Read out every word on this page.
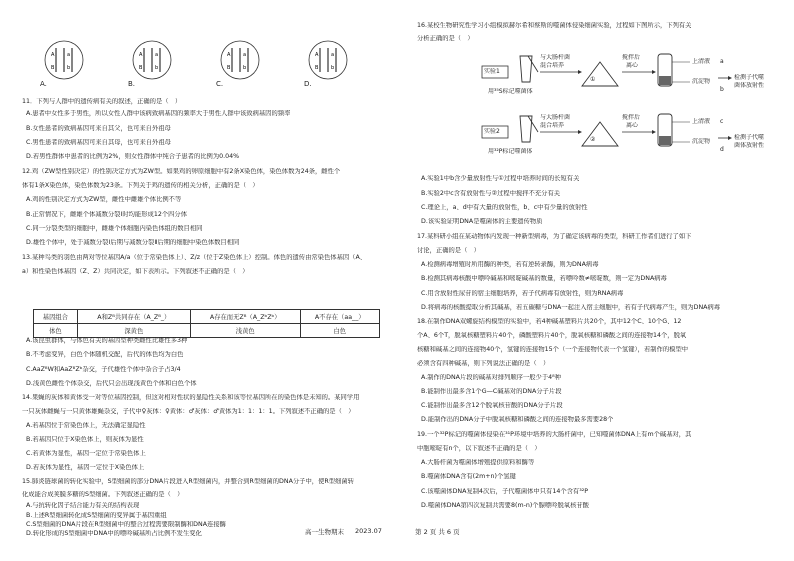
A	a
B	b
A	a
B	b
A	a
B	b
A	a
B	b
A.	B.	C.	D.
11．下列与人群中的遗传病有关的叙述，正确的是（　）
A.患者中女性多于男性，所以女性人群中该病致病基因的频率大于男性人群中该致病基因的频率
B.女性患者的致病基因可来自其父，也可来自外祖母
C.男性患者的致病基因可来自其母，也可来自外祖母
D.若男性群体中患者的比例为2%，则女性群体中纯合子患者的比例为0.04%
12.鸡（ZW型性别决定）的性别决定方式为ZW型。如果鸡的卵原细胞中有2条X染色体，染色体数为24条，雌性个
体有1条X染色体，染色体数为23条。下列关于鸡的遗传的相关分析，正确的是（　）
A.鸡的性别决定方式为ZW型，雌性中雌雄个体比例不等
B.正常情况下，雌雄个体减数分裂Ⅰ时均能形成12个四分体
C.同一分裂类型的细胞中，雌雄个体细胞内染色体组的数目相同
D.雄性个体中，处于减数分裂Ⅰ后期与减数分裂Ⅱ后期的细胞中染色体数目相同
13.某种鸟类的羽色由两对等位基因A/a（位于常染色体上）、Z/z（位于Z染色体上）控制。体色的遗传由常染色体基因（A、
a）和性染色体基因（Z、Z）共同决定，如下表所示。下列叙述不正确的是（　）
基因组合	A和Zᴮ共同存在（A_Zᴮ_）	A存在而无Zᴮ（A_ZᵇZᵇ）	A不存在（aa__）
体色	深黄色	浅黄色	白色
A.该昆虫群体，与体色有关的基因型种类雌性比雄性多3种
B.不考虑变异，白色个体随机交配，后代的体色均为白色
C.AaZᴮW和AaZᴮZᵇ杂交，子代雄性个体中杂合子占3/4
D.浅黄色雌性个体杂交，后代只会出现浅黄色个体和白色个体
14.果蝇的灰体和黄体受一对等位基因控制，但这对相对性状的显隐性关系和该等位基因所在的染色体是未知的。某同学用
一只灰体雌蝇与一只黄体雄蝇杂交，子代中♀灰体：♀黄体：♂灰体：♂黄体为1：1：1：1。下列叙述不正确的是（　）
A.若基因位于常染色体上，无法确定显隐性
B.若基因只位于X染色体上，则灰体为显性
C.若黄体为显性，基因一定位于常染色体上
D.若灰体为显性，基因一定位于X染色体上
15.肺炎链球菌的转化实验中，S型细菌的部分DNA片段进入R型细菌内，并整合到R型细菌的DNA分子中，使R型细菌转
化成能合成荚膜多糖的S型细菌。下列叙述正确的是（　）
A.与抗转化因子结合能力有关的结构表现
B.上述R型细菌转化成S型细菌的变异属于基因重组
C.S型细菌的DNA片段在R型细菌中的整合过程需要限制酶和DNA连接酶
D.转化形成的S型细菌中DNA中的嘌呤碱基所占比例不发生变化
16.某校生物研究性学习小组模拟赫尔希和蔡斯的噬菌体侵染细菌实验，过程如下图所示，下列有关
分析正确的是（　）
实验1
实验2
与大肠杆菌
混合培养
与大肠杆菌
混合培养
搅拌后
离心
搅拌后
离心
用³⁵S标记噬菌体
用³²P标记噬菌体
①
②
上清液 a
沉淀物
b
上清液 c
沉淀物
d
检测子代噬
菌体放射性
检测子代噬
菌体放射性
A.实验1中b含少量放射性与①过程中培养时间的长短有关
B.实验2中c含有放射性与②过程中搅拌不充分有关
C.理论上，a、d中有大量的放射性，b、c中有少量的放射性
D.该实验证明DNA是噬菌体的主要遗传物质
17.某科研小组在某动物体内发现一种新型病毒，为了确定该病毒的类型，科研工作者们进行了如下
讨论，正确的是（　）
A.检测病毒增殖时所用酶的种类，若有逆转录酶，则为DNA病毒
B.检测其病毒核酸中嘌呤碱基和嘧啶碱基的数量，若嘌呤数≠嘧啶数，则一定为DNA病毒
C.用含放射性尿苷的宿主细胞培养，若子代病毒有放射性，则为RNA病毒
D.将病毒的核酸提取分析其碱基，若五碳糖与DNA一起注入宿主细胞中，若有子代病毒产生，则为DNA病毒
18.在制作DNA双螺旋结构模型的实验中，若4种碱基塑料片共20个，其中12个C、10个G、12
个A、6个T，脱氧核糖塑料片40个，磷酸塑料片40个，脱氧核糖和磷酸之间的连接物14个，脱氧
核糖和碱基之间的连接物40个，氢键的连接物15个（一个连接物代表一个氢键），若制作的模型中
必须含有四种碱基，则下列说法正确的是（　）
A.制作的DNA片段的碱基对排列顺序一般少于4⁸种
B.能制作出最多含1个G—C碱基对的DNA分子片段
C.能制作出最多含12个脱氧核苷酸的DNA分子片段
D.能制作出的DNA分子中脱氧核糖和磷酸之间的连接物最多需要28个
19.一个³²P标记的噬菌体侵染在³¹P环境中培养的大肠杆菌中，已知噬菌体DNA上有m个碱基对，其
中胞嘧啶有n个，以下叙述不正确的是（　）
A.大肠杆菌为噬菌体增殖提供原料和酶等
B.噬菌体DNA含有(2m+n)个氢键
C.该噬菌体DNA复制4次后，子代噬菌体中只有14个含有³²P
D.噬菌体DNA第四次复制共需要8(m-n)个腺嘌呤脱氧核苷酸
高一生物期末 2023.07	第 2 页 共 6 页
